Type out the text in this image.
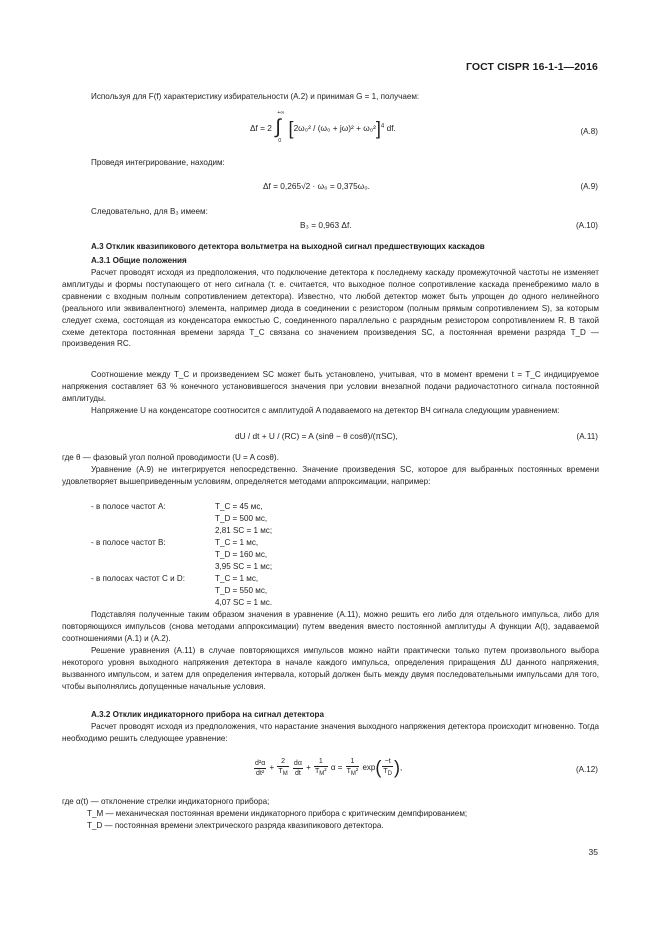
ГОСТ CISPR 16-1-1—2016
Используя для F(f) характеристику избирательности (А.2) и принимая G = 1, получаем:
Δf = 2
+∞
∫
0
$[2\omega_0^2 / (\omega_0 + j\omega)^2 + \omega_0^2]^4$ df.	(А.8)
Проведя интегрирование, находим:
Δf = 0,265√2 · ω₀ = 0,375ω₀.	(А.9)
Следовательно, для B₃ имеем:
B₃ = 0,963 Δf.	(А.10)
А.3 Отклик квазипикового детектора вольтметра на выходной сигнал предшествующих каскадов
А.3.1 Общие положения
Расчет проводят исходя из предположения, что подключение детектора к последнему каскаду промежуточной частоты не изменяет амплитуды и формы поступающего от него сигнала (т. е. считается, что выходное полное сопротивление каскада пренебрежимо мало в сравнении с входным полным сопротивлением детектора). Известно, что любой детектор может быть упрощен до одного нелинейного (реального или эквивалентного) элемента, например диода в соединении с резистором (полным прямым сопротивлением S), за которым следует схема, состоящая из конденсатора емкостью C, соединенного параллельно с разрядным резистором сопротивлением R. В такой схеме детектора постоянная времени заряда T_C связана со значением произведения SC, а постоянная времени разряда T_D — произведения RC.
Соотношение между T_C и произведением SC может быть установлено, учитывая, что в момент времени t = T_C индицируемое напряжения составляет 63 % конечного установившегося значения при условии внезапной подачи радиочастотного сигнала постоянной амплитуды.
Напряжение U на конденсаторе соотносится с амплитудой A подаваемого на детектор ВЧ сигнала следующим уравнением:
dU / dt + U / (RC) = A (sinθ − θ cosθ)/(πSC),	(А.11)
где θ — фазовый угол полной проводимости (U = A cosθ).
Уравнение (А.9) не интегрируется непосредственно. Значение произведения SC, которое для выбранных постоянных времени удовлетворяет вышеприведенным условиям, определяется методами аппроксимации, например:
- в полосе частот А:	T_C = 45 мс,
T_D = 500 мс,
2,81 SC = 1 мс;
- в полосе частот В:	T_C = 1 мс,
T_D = 160 мс,
3,95 SC = 1 мс;
- в полосах частот С и D:	T_C = 1 мс,
T_D = 550 мс,
4,07 SC = 1 мс.
Подставляя полученные таким образом значения в уравнение (А.11), можно решить его либо для отдельного импульса, либо для повторяющихся импульсов (снова методами аппроксимации) путем введения вместо постоянной амплитуды A функции A(t), задаваемой соотношениями (А.1) и (А.2).
Решение уравнения (А.11) в случае повторяющихся импульсов можно найти практически только путем произвольного выбора некоторого уровня выходного напряжения детектора в начале каждого импульса, определения приращения ΔU данного напряжения, вызванного импульсом, и затем для определения интервала, который должен быть между двумя последовательными импульсами для того, чтобы выполнялись допущенные начальные условия.
А.3.2 Отклик индикаторного прибора на сигнал детектора
Расчет проводят исходя из предположения, что нарастание значения выходного напряжения детектора происходит мгновенно. Тогда необходимо решить следующее уравнение:
$\frac{\text{d²α}}{\text{dt²}} + \frac{2}{T_M}$
$\frac{d\alpha}{dt} + \frac{1}{T_M^2}$ $\alpha = \frac{1}{T_M^2} \exp( \frac{-t}{T_D}$ ),	(А.12)
где α(t) — отклонение стрелки индикаторного прибора;
T_M — механическая постоянная времени индикаторного прибора с критическим демпфированием;
T_D — постоянная времени электрического разряда квазипикового детектора.
35
